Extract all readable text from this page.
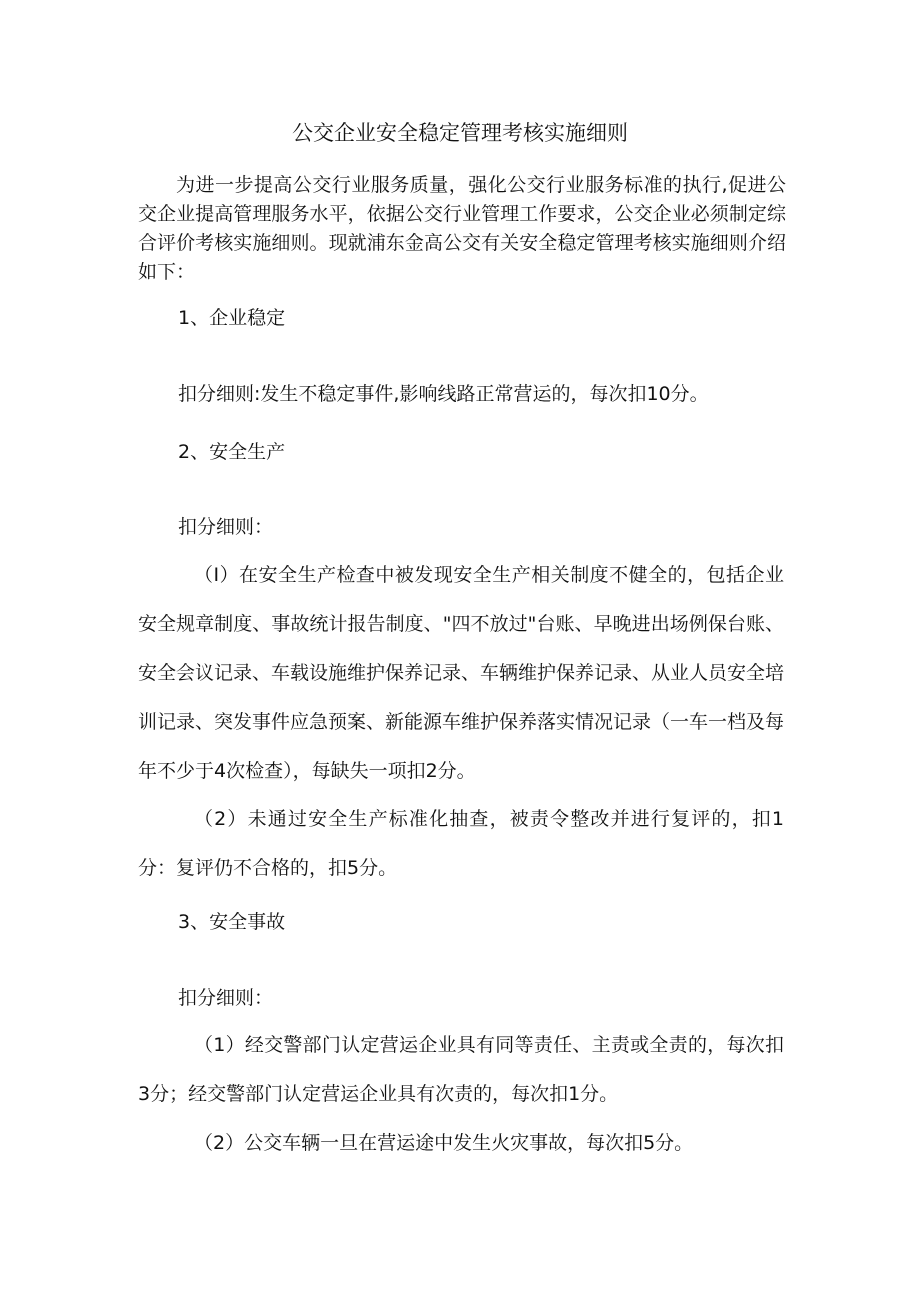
公交企业安全稳定管理考核实施细则

为进一步提高公交行业服务质量，强化公交行业服务标准的执行,促进公交企业提高管理服务水平，依据公交行业管理工作要求，公交企业必须制定综合评价考核实施细则。现就浦东金高公交有关安全稳定管理考核实施细则介绍如下：

1、企业稳定

扣分细则:发生不稳定事件,影响线路正常营运的，每次扣10分。

2、安全生产

扣分细则：

（I）在安全生产检查中被发现安全生产相关制度不健全的，包括企业安全规章制度、事故统计报告制度、"四不放过"台账、早晚进出场例保台账、安全会议记录、车载设施维护保养记录、车辆维护保养记录、从业人员安全培训记录、突发事件应急预案、新能源车维护保养落实情况记录（一车一档及每年不少于4次检查），每缺失一项扣2分。

（2）未通过安全生产标准化抽查，被责令整改并进行复评的，扣1分：复评仍不合格的，扣5分。

3、安全事故

扣分细则：

（1）经交警部门认定营运企业具有同等责任、主责或全责的，每次扣3分；经交警部门认定营运企业具有次责的，每次扣1分。

（2）公交车辆一旦在营运途中发生火灾事故，每次扣5分。
